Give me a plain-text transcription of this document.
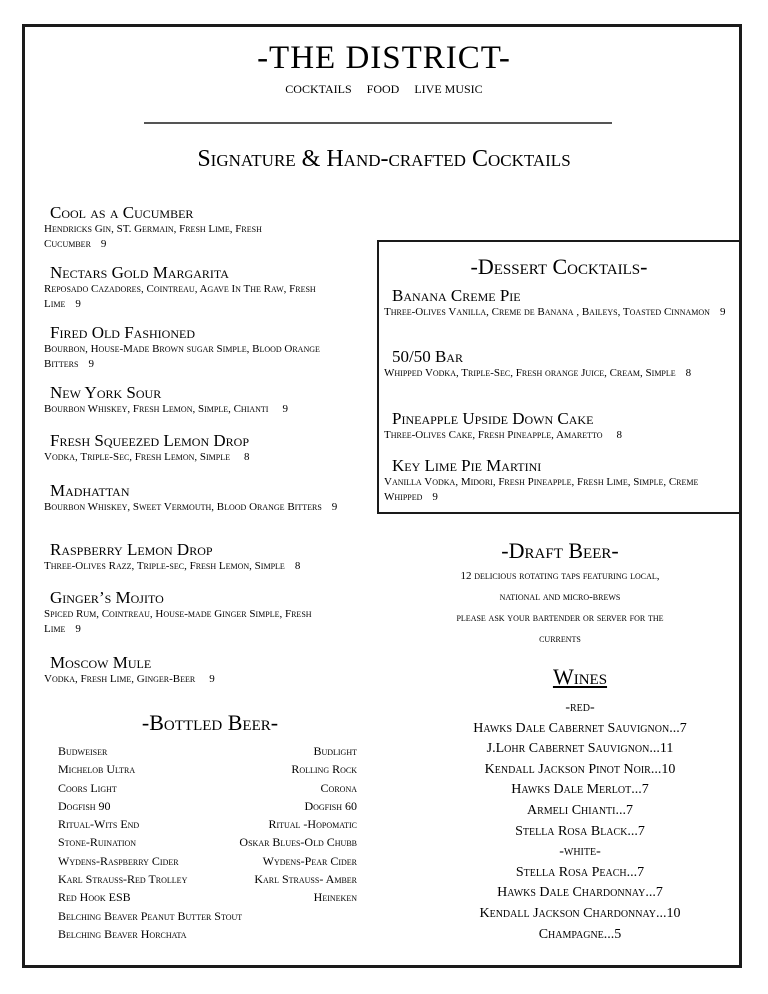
-THE DISTRICT-
COCKTAILS     FOOD     LIVE MUSIC
Signature & Hand-crafted Cocktails
Cool as a Cucumber
Hendricks Gin, ST. Germain, Fresh Lime, Fresh Cucumber 9
Nectars Gold Margarita
Reposado Cazadores, Cointreau, Agave In The Raw, Fresh Lime 9
Fired Old Fashioned
Bourbon, House-Made Brown sugar Simple, Blood Orange Bitters 9
New York Sour
Bourbon Whiskey, Fresh Lemon, Simple, Chianti 9
Fresh Squeezed Lemon Drop
Vodka, Triple-Sec, Fresh Lemon, Simple 8
Madhattan
Bourbon Whiskey, Sweet Vermouth, Blood Orange Bitters 9
Raspberry Lemon Drop
Three-Olives Razz, Triple-sec, Fresh Lemon, Simple 8
Ginger’s Mojito
Spiced Rum, Cointreau, House-made Ginger Simple, Fresh Lime 9
Moscow Mule
Vodka, Fresh Lime, Ginger-Beer 9
-Dessert Cocktails-
Banana Creme Pie
Three-Olives Vanilla, Creme de Banana , Baileys, Toasted Cinnamon 9
50/50 Bar
Whipped Vodka, Triple-Sec, Fresh orange Juice, Cream, Simple 8
Pineapple Upside Down Cake
Three-Olives Cake, Fresh Pineapple, Amaretto 8
Key Lime Pie Martini
Vanilla Vodka, Midori, Fresh Pineapple, Fresh Lime, Simple, Creme Whipped 9
-Draft Beer-
12 delicious rotating taps featuring local,
national and micro-brews
please ask your bartender or server for the
currents
-Bottled Beer-
Budweiser
Michelob Ultra
Coors Light
Dogfish 90
Ritual-Wits End
Stone-Ruination
Wydens-Raspberry Cider
Karl Strauss-Red Trolley
Red Hook ESB
Belching Beaver Peanut Butter Stout
Belching Beaver Horchata
Budlight
Rolling Rock
Corona
Dogfish 60
Ritual -Hopomatic
Oskar Blues-Old Chubb
Wydens-Pear Cider
Karl Strauss- Amber
Heineken
Wines
-red-
Hawks Dale Cabernet Sauvignon...7
J.Lohr Cabernet Sauvignon...11
Kendall Jackson Pinot Noir...10
Hawks Dale Merlot...7
Armeli Chianti...7
Stella Rosa Black...7
-white-
Stella Rosa Peach...7
Hawks Dale Chardonnay...7
Kendall Jackson Chardonnay...10
Champagne...5
